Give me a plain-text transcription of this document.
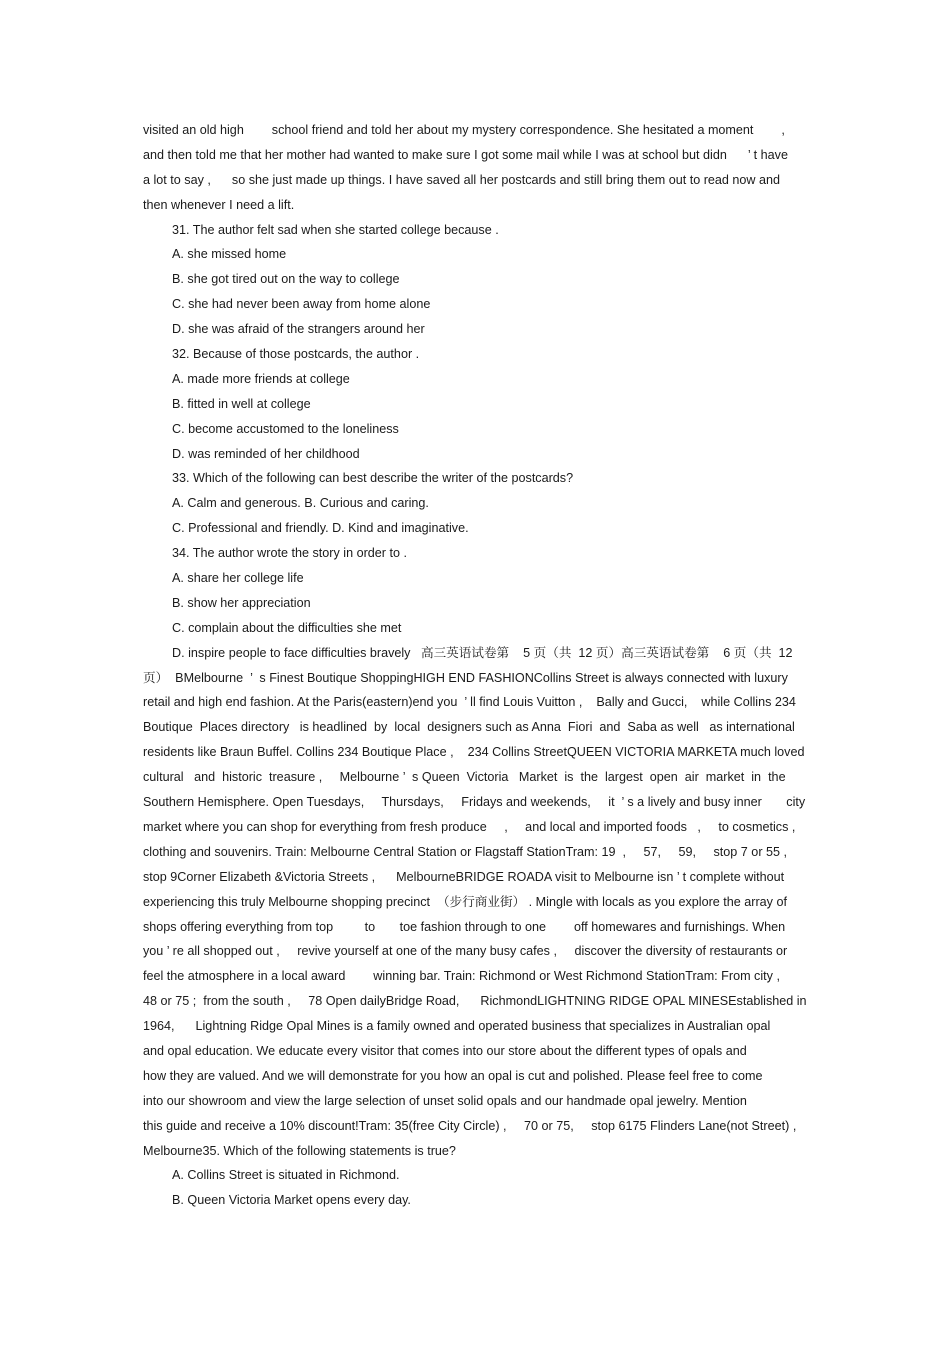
visited an old high        school friend and told her about my mystery correspondence. She hesitated a moment        ,
and then told me that her mother had wanted to make sure I got some mail while I was at school but didn      ’ t have
a lot to say ,      so she just made up things. I have saved all her postcards and still bring them out to read now and
then whenever I need a lift.
31. The author felt sad when she started college because .
A. she missed home
B. she got tired out on the way to college
C. she had never been away from home alone
D. she was afraid of the strangers around her
32. Because of those postcards, the author .
A. made more friends at college
B. fitted in well at college
C. become accustomed to the loneliness
D. was reminded of her childhood
33. Which of the following can best describe the writer of the postcards?
A. Calm and generous. B. Curious and caring.
C. Professional and friendly. D. Kind and imaginative.
34. The author wrote the story in order to .
A. share her college life
B. show her appreciation
C. complain about the difficulties she met
D. inspire people to face difficulties bravely   高三英语试卷第    5 页（共  12 页）高三英语试卷第    6 页（共  12
页）  BMelbourne  ’  s Finest Boutique ShoppingHIGH END FASHIONCollins Street is always connected with luxury
retail and high end fashion. At the Paris(eastern)end you  ’ ll find Louis Vuitton ,    Bally and Gucci,    while Collins 234
Boutique  Places directory   is headlined  by  local  designers such as Anna  Fiori  and  Saba as well   as international
residents like Braun Buffel. Collins 234 Boutique Place ,    234 Collins StreetQUEEN VICTORIA MARKETA much loved
cultural   and  historic  treasure ,     Melbourne ’  s Queen  Victoria   Market  is  the  largest  open  air  market  in  the
Southern Hemisphere. Open Tuesdays,     Thursdays,     Fridays and weekends,     it  ’ s a lively and busy inner       city
market where you can shop for everything from fresh produce     ,     and local and imported foods   ,     to cosmetics ,
clothing and souvenirs. Train: Melbourne Central Station or Flagstaff StationTram: 19  ,     57,     59,     stop 7 or 55 ,
stop 9Corner Elizabeth &Victoria Streets ,      MelbourneBRIDGE ROADA visit to Melbourne isn ’ t complete without
experiencing this truly Melbourne shopping precinct  （步行商业街） . Mingle with locals as you explore the array of
shops offering everything from top         to       toe fashion through to one        off homewares and furnishings. When
you ’ re all shopped out ,     revive yourself at one of the many busy cafes ,     discover the diversity of restaurants or
feel the atmosphere in a local award        winning bar. Train: Richmond or West Richmond StationTram: From city ,
48 or 75 ;  from the south ,     78 Open dailyBridge Road,      RichmondLIGHTNING RIDGE OPAL MINESEstablished in
1964,      Lightning Ridge Opal Mines is a family owned and operated business that specializes in Australian opal
and opal education. We educate every visitor that comes into our store about the different types of opals and
how they are valued. And we will demonstrate for you how an opal is cut and polished. Please feel free to come
into our showroom and view the large selection of unset solid opals and our handmade opal jewelry. Mention
this guide and receive a 10% discount!Tram: 35(free City Circle) ,     70 or 75,     stop 6175 Flinders Lane(not Street) ,
Melbourne35. Which of the following statements is true?
A. Collins Street is situated in Richmond.
B. Queen Victoria Market opens every day.
